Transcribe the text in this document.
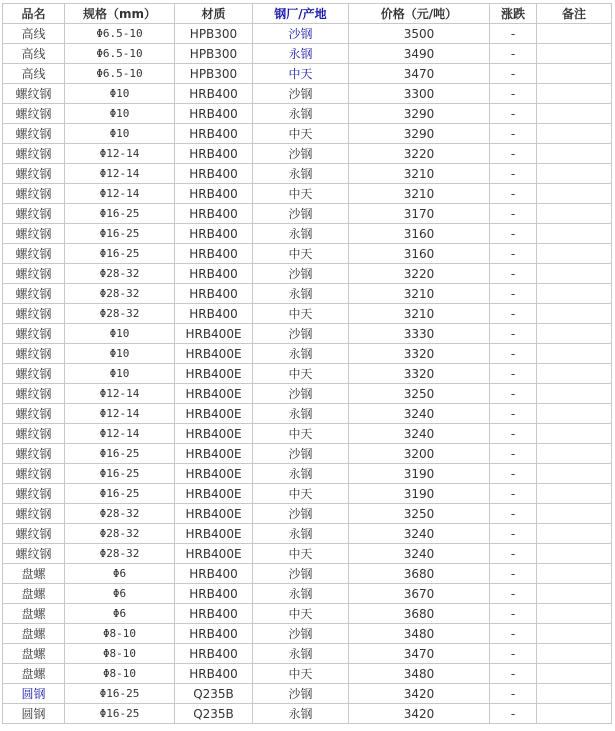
品名	规格（mm）	材质	钢厂/产地	价格（元/吨）	涨跌	备注
高线	Φ6.5-10	HPB300	沙钢	3500	-	
高线	Φ6.5-10	HPB300	永钢	3490	-	
高线	Φ6.5-10	HPB300	中天	3470	-	
螺纹钢	Φ10	HRB400	沙钢	3300	-	
螺纹钢	Φ10	HRB400	永钢	3290	-	
螺纹钢	Φ10	HRB400	中天	3290	-	
螺纹钢	Φ12-14	HRB400	沙钢	3220	-	
螺纹钢	Φ12-14	HRB400	永钢	3210	-	
螺纹钢	Φ12-14	HRB400	中天	3210	-	
螺纹钢	Φ16-25	HRB400	沙钢	3170	-	
螺纹钢	Φ16-25	HRB400	永钢	3160	-	
螺纹钢	Φ16-25	HRB400	中天	3160	-	
螺纹钢	Φ28-32	HRB400	沙钢	3220	-	
螺纹钢	Φ28-32	HRB400	永钢	3210	-	
螺纹钢	Φ28-32	HRB400	中天	3210	-	
螺纹钢	Φ10	HRB400E	沙钢	3330	-	
螺纹钢	Φ10	HRB400E	永钢	3320	-	
螺纹钢	Φ10	HRB400E	中天	3320	-	
螺纹钢	Φ12-14	HRB400E	沙钢	3250	-	
螺纹钢	Φ12-14	HRB400E	永钢	3240	-	
螺纹钢	Φ12-14	HRB400E	中天	3240	-	
螺纹钢	Φ16-25	HRB400E	沙钢	3200	-	
螺纹钢	Φ16-25	HRB400E	永钢	3190	-	
螺纹钢	Φ16-25	HRB400E	中天	3190	-	
螺纹钢	Φ28-32	HRB400E	沙钢	3250	-	
螺纹钢	Φ28-32	HRB400E	永钢	3240	-	
螺纹钢	Φ28-32	HRB400E	中天	3240	-	
盘螺	Φ6	HRB400	沙钢	3680	-	
盘螺	Φ6	HRB400	永钢	3670	-	
盘螺	Φ6	HRB400	中天	3680	-	
盘螺	Φ8-10	HRB400	沙钢	3480	-	
盘螺	Φ8-10	HRB400	永钢	3470	-	
盘螺	Φ8-10	HRB400	中天	3480	-	
圆钢	Φ16-25	Q235B	沙钢	3420	-	
圆钢	Φ16-25	Q235B	永钢	3420	-	
